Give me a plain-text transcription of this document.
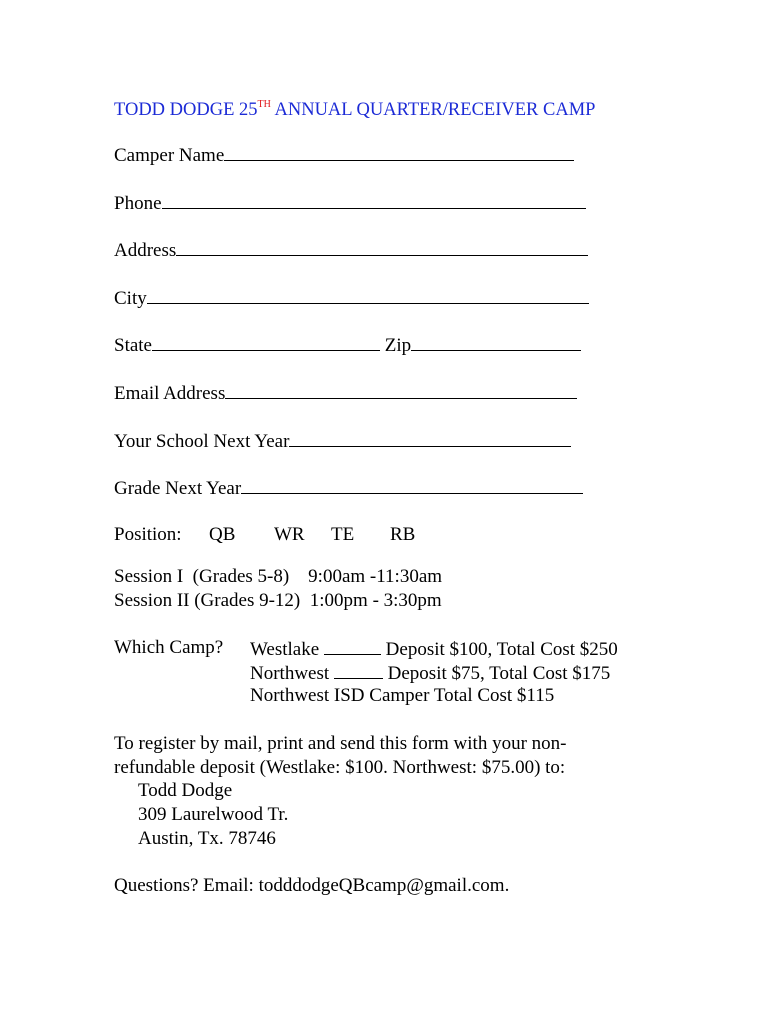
TODD DODGE 25TH ANNUAL QUARTER/RECEIVER CAMP
Camper Name
Phone
Address
City
State	Zip
Email Address
Your School Next Year
Grade Next Year
Position: QB WR TE RB
Session I  (Grades 5-8)    9:00am -11:30am
Session II (Grades 9-12)  1:00pm - 3:30pm
Which Camp? Westlake	Deposit $100, Total Cost $250
Northwest	Deposit $75, Total Cost $175
Northwest ISD Camper Total Cost $115
To register by mail, print and send this form with your non-
refundable deposit (Westlake: $100. Northwest: $75.00) to:
Todd Dodge
309 Laurelwood Tr.
Austin, Tx. 78746
Questions? Email: todddodgeQBcamp@gmail.com.
